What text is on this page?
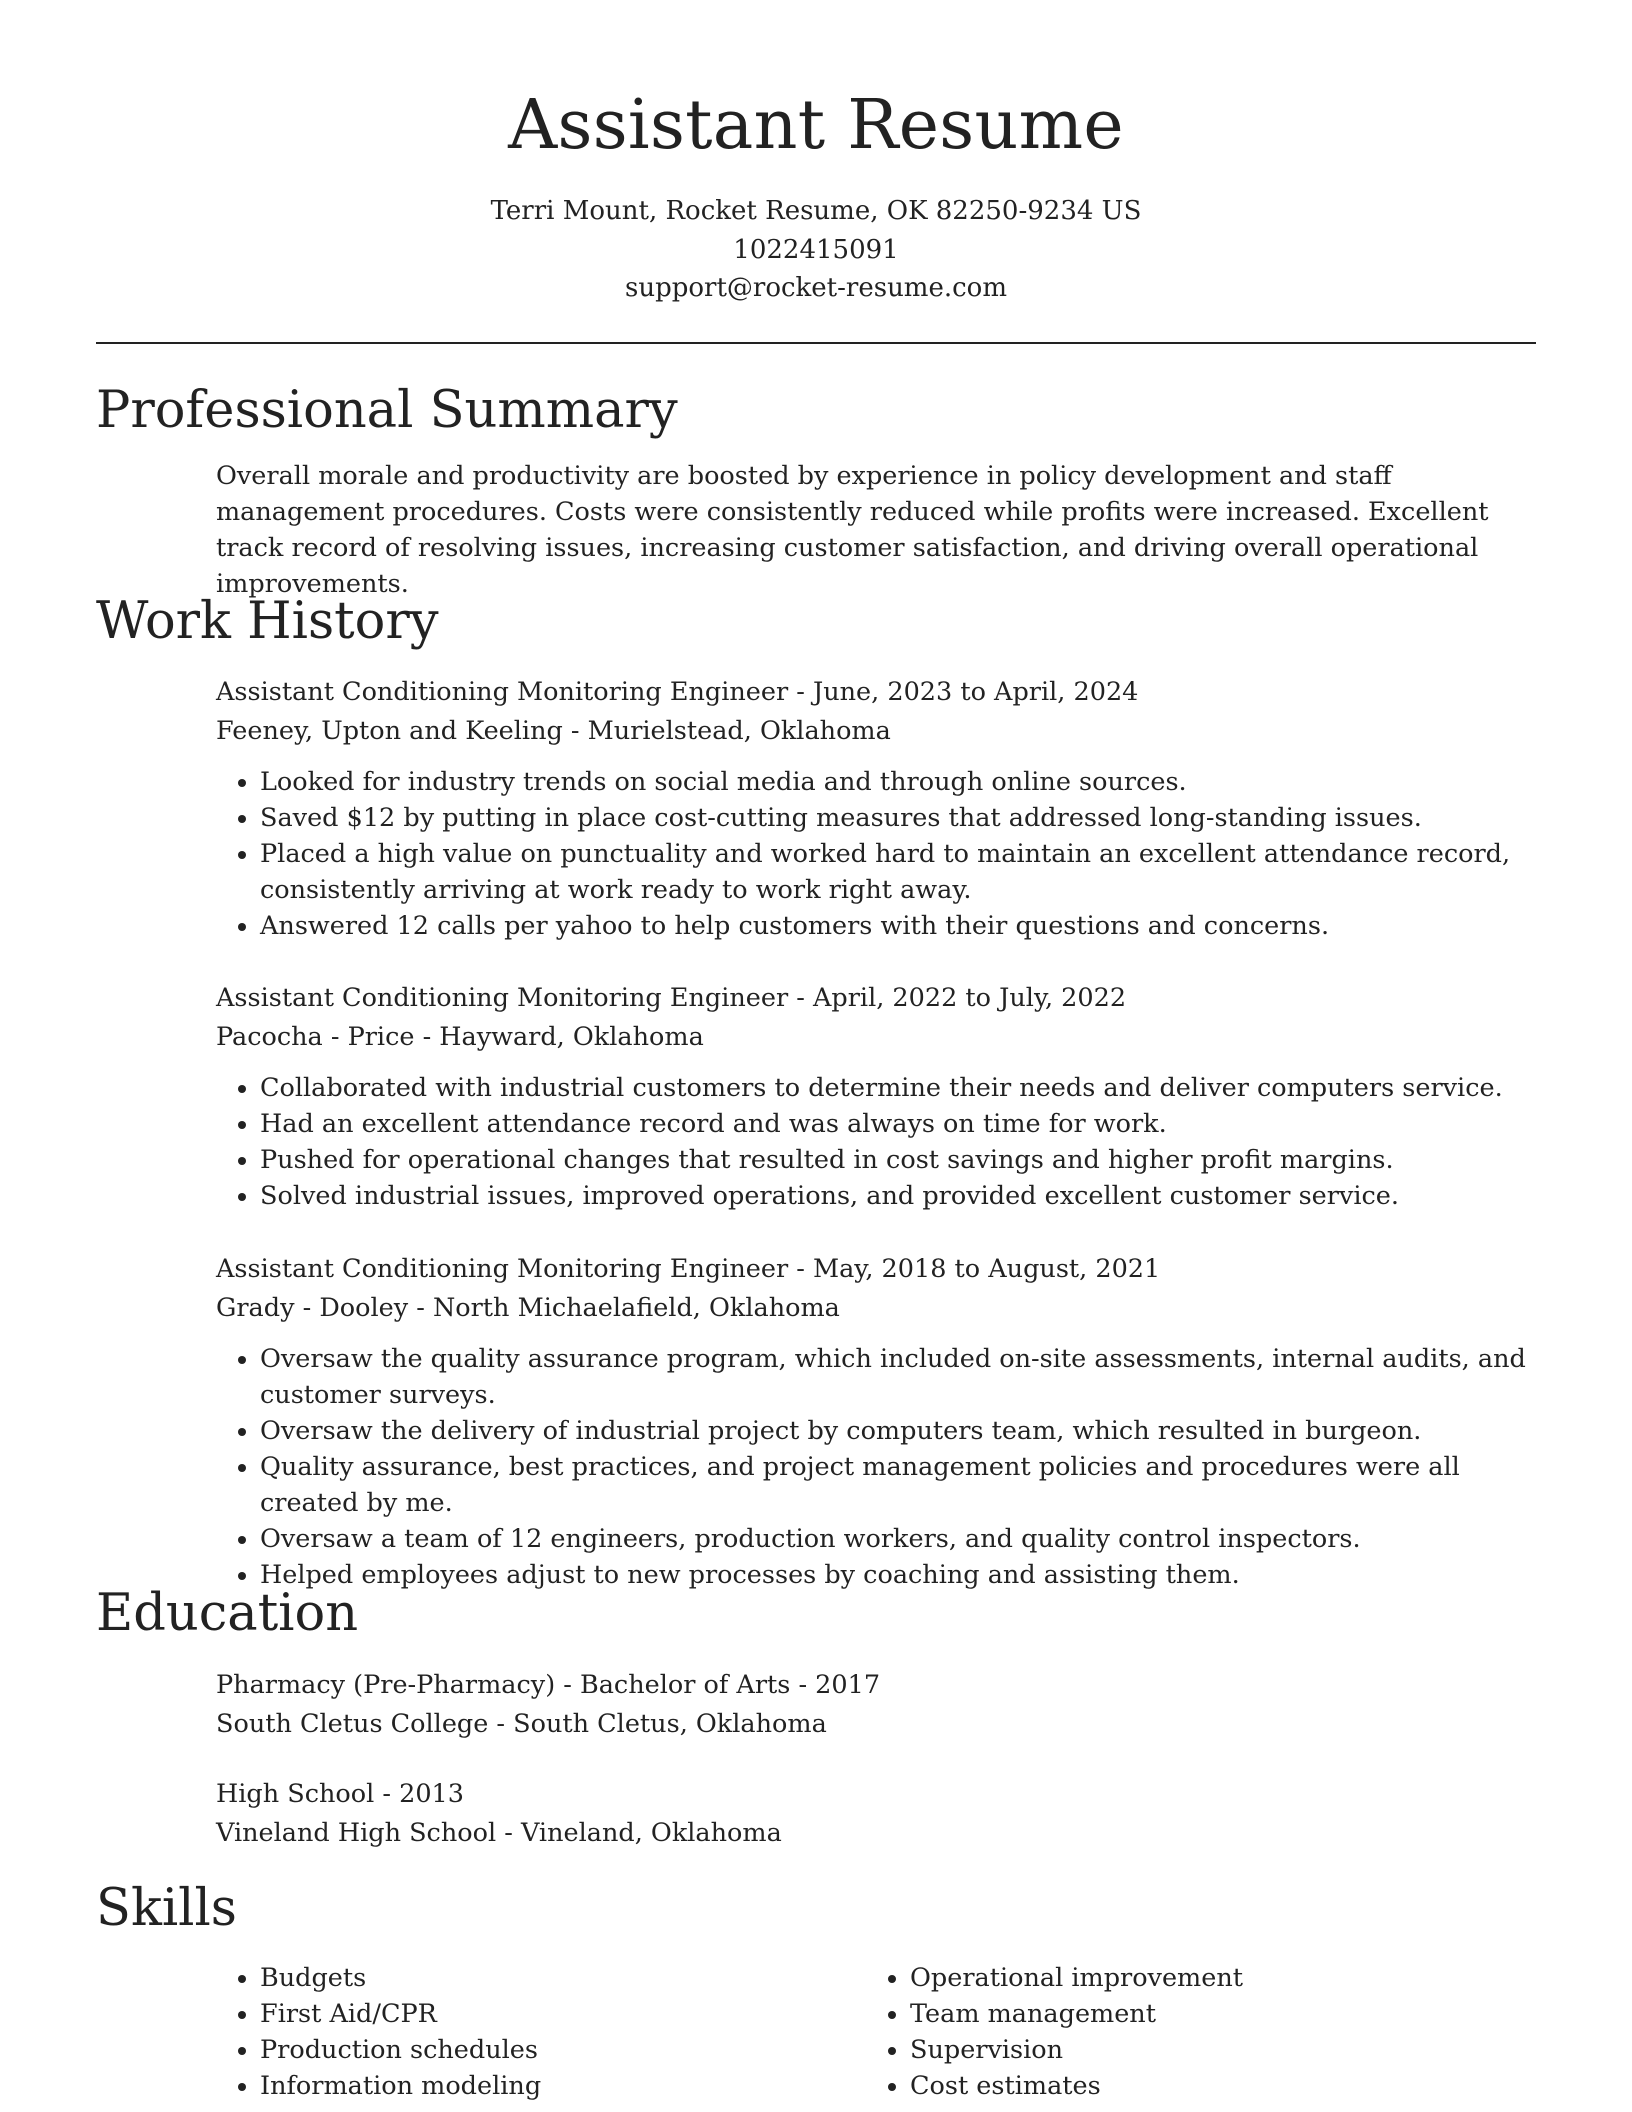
Assistant Resume
Terri Mount, Rocket Resume, OK 82250-9234 US
1022415091
support@rocket-resume.com
Professional Summary

Overall morale and productivity are boosted by experience in policy development and staff management procedures. Costs were consistently reduced while profits were increased. Excellent track record of resolving issues, increasing customer satisfaction, and driving overall operational improvements.

Work History

Assistant Conditioning Monitoring Engineer - June, 2023 to April, 2024

Feeney, Upton and Keeling - Murielstead, Oklahoma

• Looked for industry trends on social media and through online sources.
• Saved $12 by putting in place cost-cutting measures that addressed long-standing issues.
• Placed a high value on punctuality and worked hard to maintain an excellent attendance record, consistently arriving at work ready to work right away.
• Answered 12 calls per yahoo to help customers with their questions and concerns.

Assistant Conditioning Monitoring Engineer - April, 2022 to July, 2022

Pacocha - Price - Hayward, Oklahoma

• Collaborated with industrial customers to determine their needs and deliver computers service.
• Had an excellent attendance record and was always on time for work.
• Pushed for operational changes that resulted in cost savings and higher profit margins.
• Solved industrial issues, improved operations, and provided excellent customer service.

Assistant Conditioning Monitoring Engineer - May, 2018 to August, 2021

Grady - Dooley - North Michaelafield, Oklahoma

• Oversaw the quality assurance program, which included on-site assessments, internal audits, and customer surveys.
• Oversaw the delivery of industrial project by computers team, which resulted in burgeon.
• Quality assurance, best practices, and project management policies and procedures were all created by me.
• Oversaw a team of 12 engineers, production workers, and quality control inspectors.
• Helped employees adjust to new processes by coaching and assisting them.
Education

Pharmacy (Pre-Pharmacy) - Bachelor of Arts - 2017

South Cletus College - South Cletus, Oklahoma

High School - 2013

Vineland High School - Vineland, Oklahoma

Skills
• Budgets
• First Aid/CPR
• Production schedules
• Information modeling
• Operational improvement
• Team management
• Supervision
• Cost estimates
